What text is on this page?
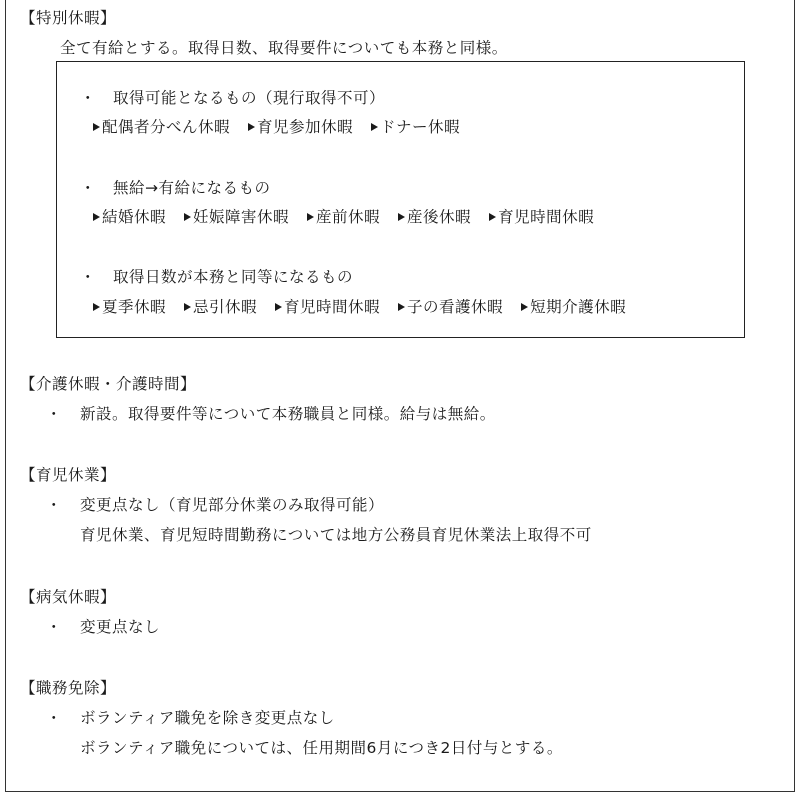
【特別休暇】
全て有給とする。取得日数、取得要件についても本務と同様。
・ 取得可能となるもの（現行取得不可）
配偶者分べん休暇 育児参加休暇 ドナー休暇
・ 無給→有給になるもの
結婚休暇 妊娠障害休暇 産前休暇 産後休暇 育児時間休暇
・ 取得日数が本務と同等になるもの
夏季休暇 忌引休暇 育児時間休暇 子の看護休暇 短期介護休暇
【介護休暇・介護時間】
・ 新設。取得要件等について本務職員と同様。給与は無給。
【育児休業】
・ 変更点なし（育児部分休業のみ取得可能）
育児休業、育児短時間勤務については地方公務員育児休業法上取得不可
【病気休暇】
・ 変更点なし
【職務免除】
・ ボランティア職免を除き変更点なし
ボランティア職免については、任用期間6月につき2日付与とする。
